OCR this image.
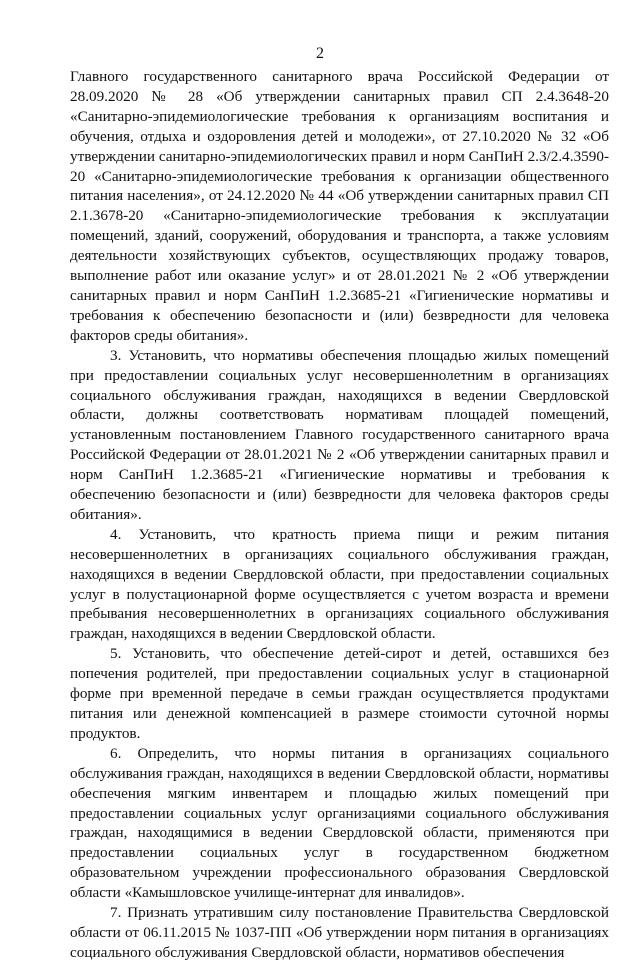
2

Главного государственного санитарного врача Российской Федерации от 28.09.2020 № 28 «Об утверждении санитарных правил СП 2.4.3648-20 «Санитарно-эпидемиологические требования к организациям воспитания и обучения, отдыха и оздоровления детей и молодежи», от 27.10.2020 № 32 «Об утверждении санитарно-эпидемиологических правил и норм СанПиН 2.3/2.4.3590-20 «Санитарно-эпидемиологические требования к организации общественного питания населения», от 24.12.2020 № 44 «Об утверждении санитарных правил СП 2.1.3678-20 «Санитарно-эпидемиологические требования к эксплуатации помещений, зданий, сооружений, оборудования и транспорта, а также условиям деятельности хозяйствующих субъектов, осуществляющих продажу товаров, выполнение работ или оказание услуг» и от 28.01.2021 № 2 «Об утверждении санитарных правил и норм СанПиН 1.2.3685-21 «Гигиенические нормативы и требования к обеспечению безопасности и (или) безвредности для человека факторов среды обитания».

3. Установить, что нормативы обеспечения площадью жилых помещений при предоставлении социальных услуг несовершеннолетним в организациях социального обслуживания граждан, находящихся в ведении Свердловской области, должны соответствовать нормативам площадей помещений, установленным постановлением Главного государственного санитарного врача Российской Федерации от 28.01.2021 № 2 «Об утверждении санитарных правил и норм СанПиН 1.2.3685-21 «Гигиенические нормативы и требования к обеспечению безопасности и (или) безвредности для человека факторов среды обитания».

4. Установить, что кратность приема пищи и режим питания несовершеннолетних в организациях социального обслуживания граждан, находящихся в ведении Свердловской области, при предоставлении социальных услуг в полустационарной форме осуществляется с учетом возраста и времени пребывания несовершеннолетних в организациях социального обслуживания граждан, находящихся в ведении Свердловской области.

5. Установить, что обеспечение детей-сирот и детей, оставшихся без попечения родителей, при предоставлении социальных услуг в стационарной форме при временной передаче в семьи граждан осуществляется продуктами питания или денежной компенсацией в размере стоимости суточной нормы продуктов.

6. Определить, что нормы питания в организациях социального обслуживания граждан, находящихся в ведении Свердловской области, нормативы обеспечения мягким инвентарем и площадью жилых помещений при предоставлении социальных услуг организациями социального обслуживания граждан, находящимися в ведении Свердловской области, применяются при предоставлении социальных услуг в государственном бюджетном образовательном учреждении профессионального образования Свердловской области «Камышловское училище-интернат для инвалидов».

7. Признать утратившим силу постановление Правительства Свердловской области от 06.11.2015 № 1037-ПП «Об утверждении норм питания в организациях социального обслуживания Свердловской области, нормативов обеспечения
